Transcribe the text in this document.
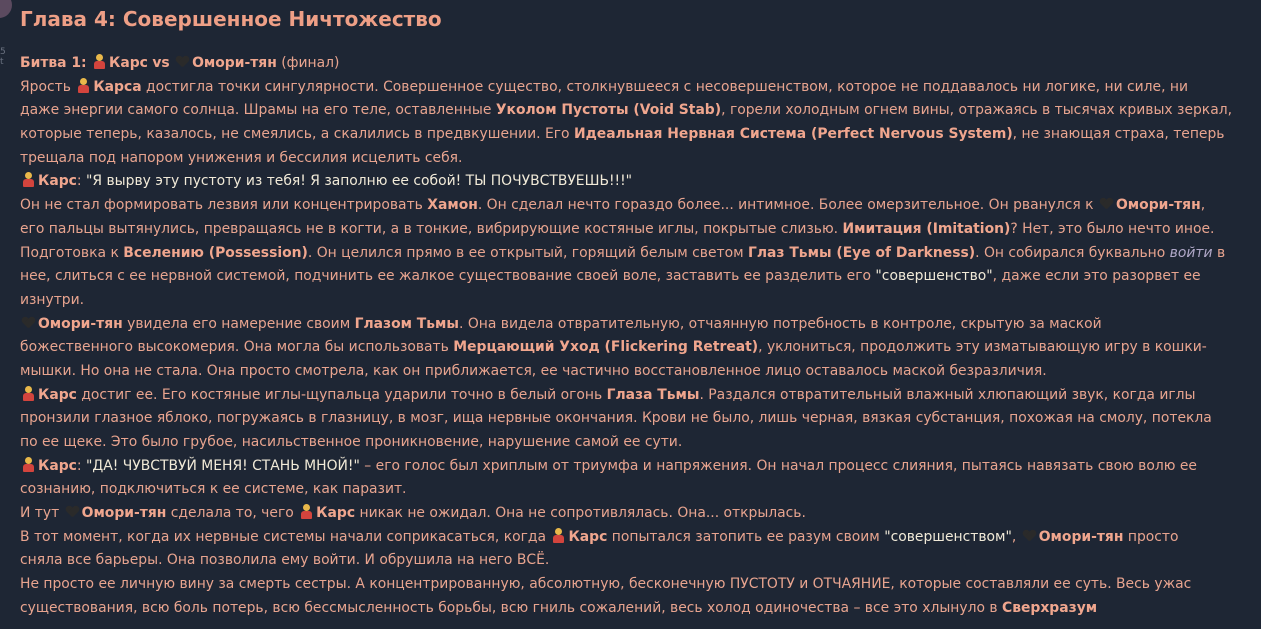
5
t
Глава 4: Совершенное Ничтожество
Битва 1: Карс vs Омори-тян (финал)
Ярость Карса достигла точки сингулярности. Совершенное существо, столкнувшееся с несовершенством, которое не поддавалось ни логике, ни силе, ни
даже энергии самого солнца. Шрамы на его теле, оставленные Уколом Пустоты (Void Stab), горели холодным огнем вины, отражаясь в тысячах кривых зеркал,
которые теперь, казалось, не смеялись, а скалились в предвкушении. Его Идеальная Нервная Система (Perfect Nervous System), не знающая страха, теперь
трещала под напором унижения и бессилия исцелить себя.
Карс: "Я вырву эту пустоту из тебя! Я заполню ее собой! ТЫ ПОЧУВСТВУЕШЬ!!!"
Он не стал формировать лезвия или концентрировать Хамон. Он сделал нечто гораздо более... интимное. Более омерзительное. Он рванулся к Омори-тян,
его пальцы вытянулись, превращаясь не в когти, а в тонкие, вибрирующие костяные иглы, покрытые слизью. Имитация (Imitation)? Нет, это было нечто иное.
Подготовка к Вселению (Possession). Он целился прямо в ее открытый, горящий белым светом Глаз Тьмы (Eye of Darkness). Он собирался буквально войти в
нее, слиться с ее нервной системой, подчинить ее жалкое существование своей воле, заставить ее разделить его "совершенство", даже если это разорвет ее
изнутри.
Омори-тян увидела его намерение своим Глазом Тьмы. Она видела отвратительную, отчаянную потребность в контроле, скрытую за маской
божественного высокомерия. Она могла бы использовать Мерцающий Уход (Flickering Retreat), уклониться, продолжить эту изматывающую игру в кошки-
мышки. Но она не стала. Она просто смотрела, как он приближается, ее частично восстановленное лицо оставалось маской безразличия.
Карс достиг ее. Его костяные иглы-щупальца ударили точно в белый огонь Глаза Тьмы. Раздался отвратительный влажный хлюпающий звук, когда иглы
пронзили глазное яблоко, погружаясь в глазницу, в мозг, ища нервные окончания. Крови не было, лишь черная, вязкая субстанция, похожая на смолу, потекла
по ее щеке. Это было грубое, насильственное проникновение, нарушение самой ее сути.
Карс: "ДА! ЧУВСТВУЙ МЕНЯ! СТАНЬ МНОЙ!" – его голос был хриплым от триумфа и напряжения. Он начал процесс слияния, пытаясь навязать свою волю ее
сознанию, подключиться к ее системе, как паразит.
И тут Омори-тян сделала то, чего Карс никак не ожидал. Она не сопротивлялась. Она... открылась.
В тот момент, когда их нервные системы начали соприкасаться, когда Карс попытался затопить ее разум своим "совершенством", Омори-тян просто
сняла все барьеры. Она позволила ему войти. И обрушила на него ВСЁ.
Не просто ее личную вину за смерть сестры. А концентрированную, абсолютную, бесконечную ПУСТОТУ и ОТЧАЯНИЕ, которые составляли ее суть. Весь ужас
существования, всю боль потерь, всю бессмысленность борьбы, всю гниль сожалений, весь холод одиночества – все это хлынуло в Сверхразум
